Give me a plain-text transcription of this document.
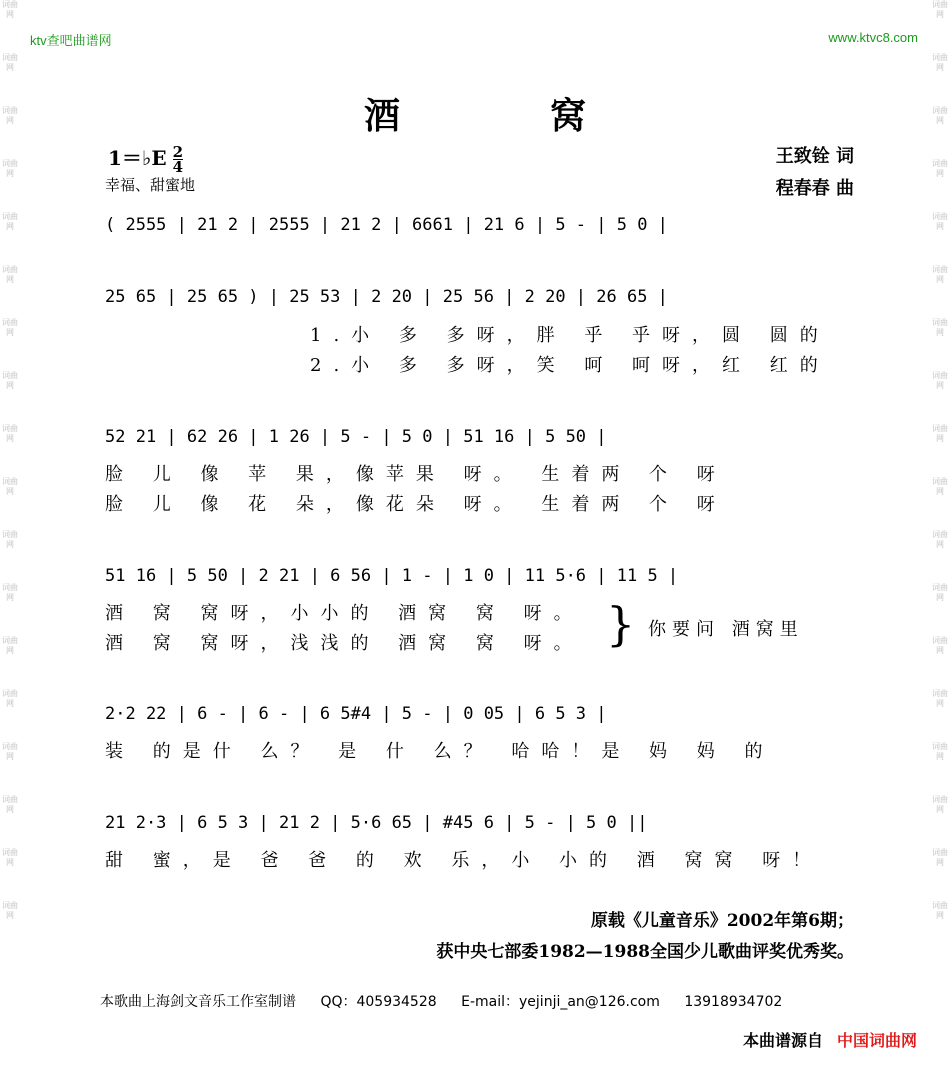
词曲网
词曲网
词曲网
词曲网
词曲网
词曲网
词曲网
词曲网
词曲网
词曲网
词曲网
词曲网
词曲网
词曲网
词曲网
词曲网
词曲网
词曲网
词曲网
词曲网
词曲网
词曲网
词曲网
词曲网
词曲网
词曲网
词曲网
词曲网
词曲网
词曲网
词曲网
词曲网
词曲网
词曲网
词曲网
词曲网
ktv查吧曲谱网	www.ktvc8.com
酒窝
1＝♭E $\frac{2}{4}$
幸福、甜蜜地
王致铨 词
程春春 曲
( 2555 | 21 2 | 2555 | 21 2 | 6661 | 21 6 | 5 - | 5 0 |
25 65 | 25 65 ) | 25 53 | 2 20 | 25 56 | 2 20 | 26 65 |
1.小 多 多呀，胖 乎 乎呀，圆 圆的
2.小 多 多呀，笑 呵 呵呀，红 红的
52 21 | 62 26 | 1 26 | 5 - | 5 0 | 51 16 | 5 50 |
脸 儿 像 苹 果，像苹果 呀。 生着两 个 呀
脸 儿 像 花 朵，像花朵 呀。 生着两 个 呀
51 16 | 5 50 | 2 21 | 6 56 | 1 - | 1 0 | 11 5·6 | 11 5 |
酒 窝 窝呀，小小的 酒窝 窝 呀。
酒 窝 窝呀，浅浅的 酒窝 窝 呀。 } 你要问 酒窝里
2·2 22 | 6 - | 6 - | 6 5#4 | 5 - | 0 05 | 6 5 3 |
装 的是什 么？ 是 什 么？ 哈哈！是 妈 妈 的
21 2·3 | 6 5 3 | 21 2 | 5·6 65 | #45 6 | 5 - | 5 0 ||
甜 蜜，是 爸 爸 的 欢 乐，小 小的 酒 窝窝 呀！
原载《儿童音乐》2002年第6期；
获中央七部委1982—1988全国少儿歌曲评奖优秀奖。
本歌曲上海剑文音乐工作室制谱 QQ：405934528 E-mail：yejinji_an@126.com 13918934702
本曲谱源自 中国词曲网
